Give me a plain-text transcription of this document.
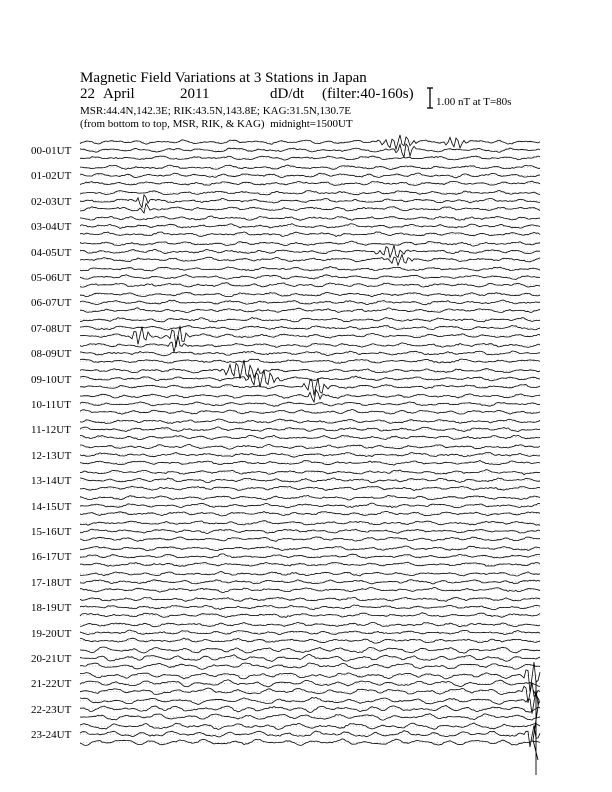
Magnetic Field Variations at 3 Stations in Japan
22 April	2011	dD/dt (filter:40-160s)
MSR:44.4N,142.3E; RIK:43.5N,143.8E; KAG:31.5N,130.7E
(from bottom to top, MSR, RIK, & KAG) midnight=1500UT
1.00 nT at T=80s
00-01UT
01-02UT
02-03UT
03-04UT
04-05UT
05-06UT
06-07UT
07-08UT
08-09UT
09-10UT
10-11UT
11-12UT
12-13UT
13-14UT
14-15UT
15-16UT
16-17UT
17-18UT
18-19UT
19-20UT
20-21UT
21-22UT
22-23UT
23-24UT
